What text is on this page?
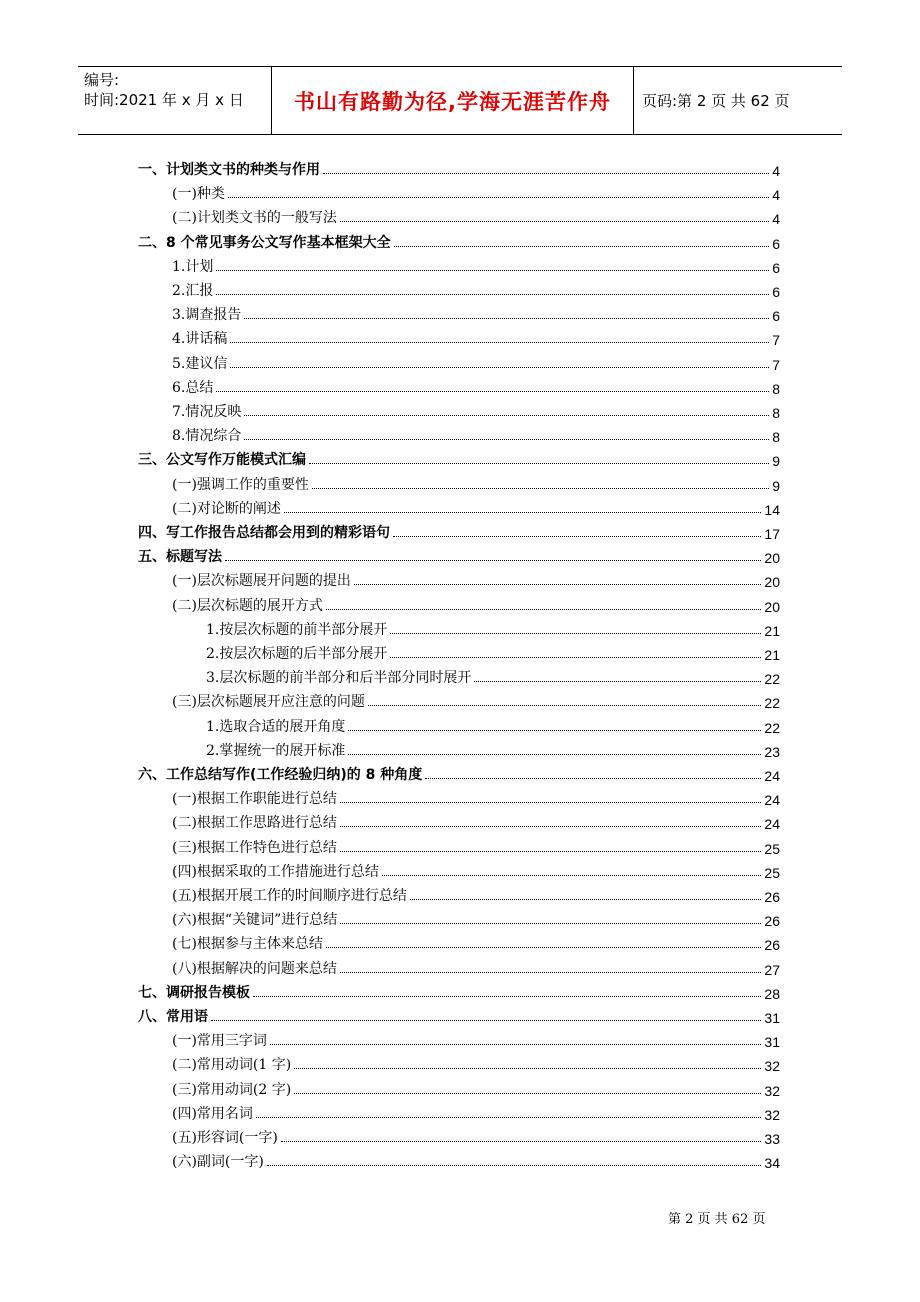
编号:
时间:2021 年 x 月 x 日	书山有路勤为径,学海无涯苦作舟	页码:第 2 页 共 62 页
一、计划类文书的种类与作用	4
(一)种类	4
(二)计划类文书的一般写法	4
二、8 个常见事务公文写作基本框架大全	6
1.计划	6
2.汇报	6
3.调查报告	6
4.讲话稿	7
5.建议信	7
6.总结	8
7.情况反映	8
8.情况综合	8
三、公文写作万能模式汇编	9
(一)强调工作的重要性	9
(二)对论断的阐述	14
四、写工作报告总结都会用到的精彩语句	17
五、标题写法	20
(一)层次标题展开问题的提出	20
(二)层次标题的展开方式	20
1.按层次标题的前半部分展开	21
2.按层次标题的后半部分展开	21
3.层次标题的前半部分和后半部分同时展开	22
(三)层次标题展开应注意的问题	22
1.选取合适的展开角度	22
2.掌握统一的展开标准	23
六、工作总结写作(工作经验归纳)的 8 种角度	24
(一)根据工作职能进行总结	24
(二)根据工作思路进行总结	24
(三)根据工作特色进行总结	25
(四)根据采取的工作措施进行总结	25
(五)根据开展工作的时间顺序进行总结	26
(六)根据“关键词”进行总结	26
(七)根据参与主体来总结	26
(八)根据解决的问题来总结	27
七、调研报告模板	28
八、常用语	31
(一)常用三字词	31
(二)常用动词(1 字)	32
(三)常用动词(2 字)	32
(四)常用名词	32
(五)形容词(一字)	33
(六)副词(一字)	34
第 2 页 共 62 页
